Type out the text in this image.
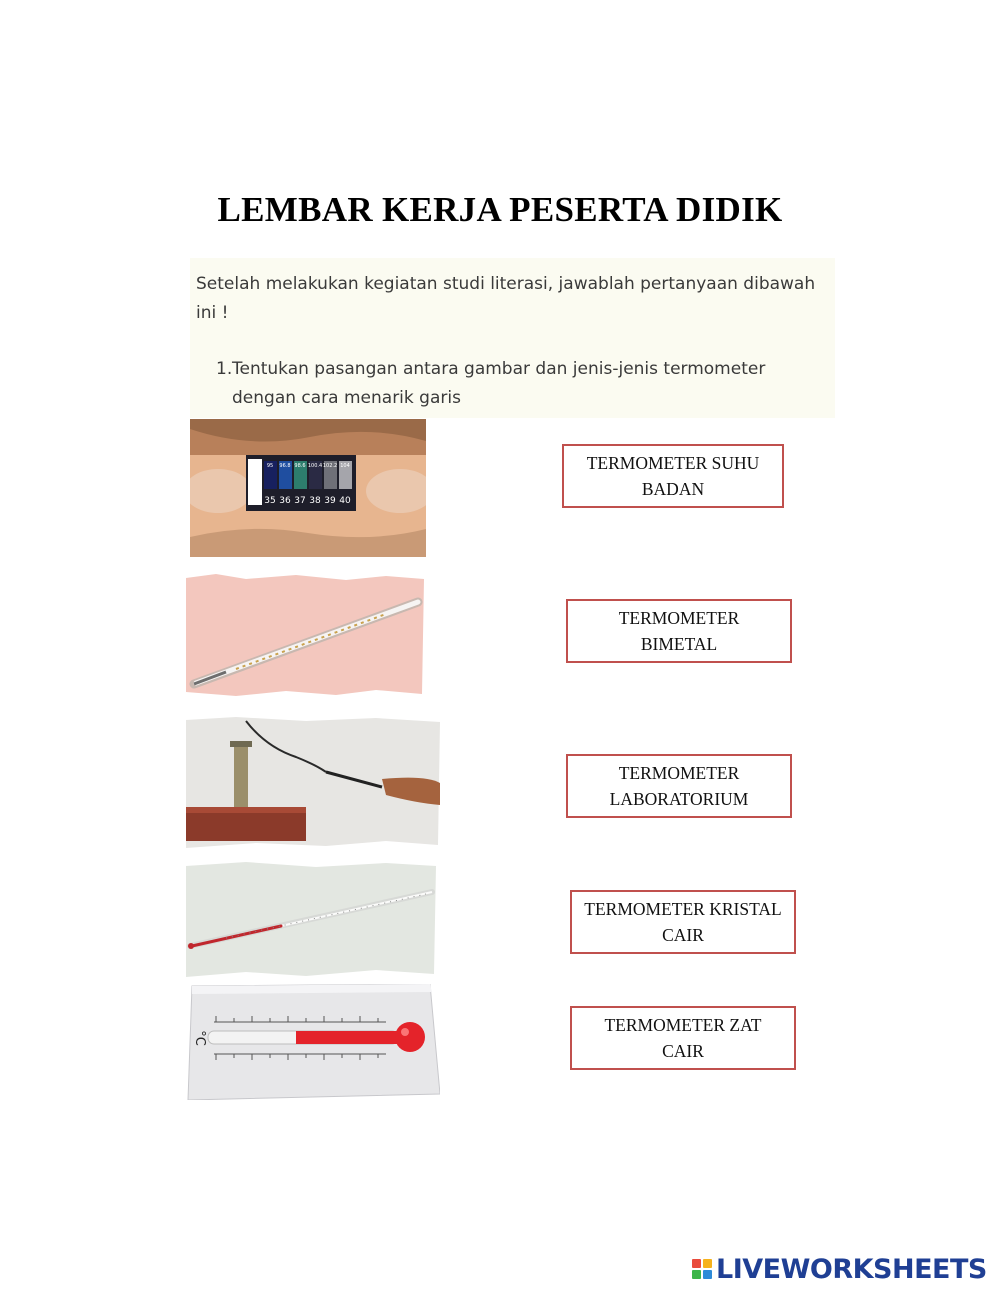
LEMBAR KERJA PESERTA DIDIK
Setelah melakukan kegiatan studi literasi, jawablah pertanyaan dibawah ini !
1. Tentukan pasangan antara gambar dan jenis-jenis termometer dengan cara menarik garis
35 36 37 38 39 40
95 96.8 98.6 100.4 102.2 104
°C
TERMOMETER SUHU BADAN
TERMOMETER BIMETAL
TERMOMETER LABORATORIUM
TERMOMETER KRISTAL CAIR
TERMOMETER ZAT CAIR
LIVEWORKSHEETS
